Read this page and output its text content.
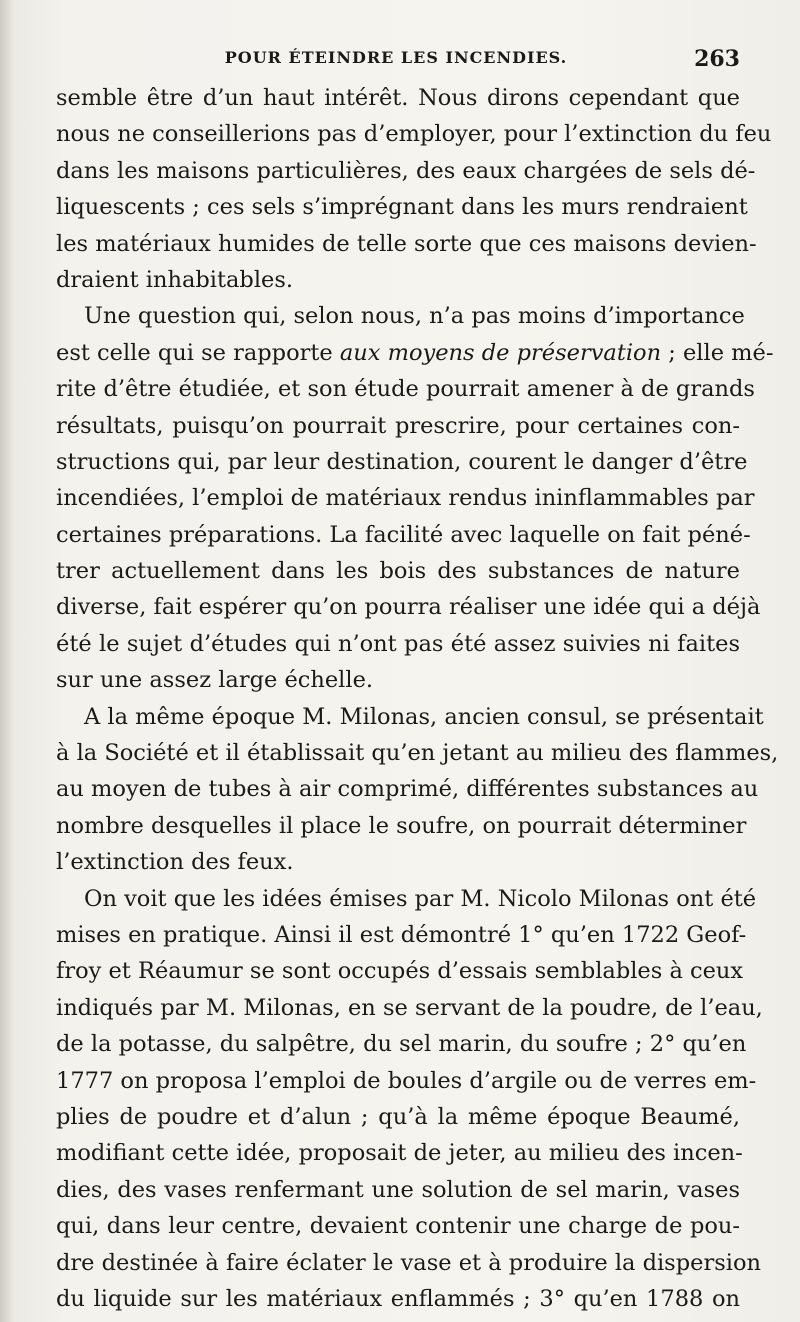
POUR ÉTEINDRE LES INCENDIES.	263
semble être d’un haut intérêt. Nous dirons cependant que
nous ne conseillerions pas d’employer, pour l’extinction du feu
dans les maisons particulières, des eaux chargées de sels dé-
liquescents ; ces sels s’imprégnant dans les murs rendraient
les matériaux humides de telle sorte que ces maisons devien-
draient inhabitables.
Une question qui, selon nous, n’a pas moins d’importance
est celle qui se rapporte aux moyens de préservation ; elle mé-
rite d’être étudiée, et son étude pourrait amener à de grands
résultats, puisqu’on pourrait prescrire, pour certaines con-
structions qui, par leur destination, courent le danger d’être
incendiées, l’emploi de matériaux rendus ininflammables par
certaines préparations. La facilité avec laquelle on fait péné-
trer actuellement dans les bois des substances de nature
diverse, fait espérer qu’on pourra réaliser une idée qui a déjà
été le sujet d’études qui n’ont pas été assez suivies ni faites
sur une assez large échelle.
A la même époque M. Milonas, ancien consul, se présentait
à la Société et il établissait qu’en jetant au milieu des flammes,
au moyen de tubes à air comprimé, différentes substances au
nombre desquelles il place le soufre, on pourrait déterminer
l’extinction des feux.
On voit que les idées émises par M. Nicolo Milonas ont été
mises en pratique. Ainsi il est démontré 1° qu’en 1722 Geof-
froy et Réaumur se sont occupés d’essais semblables à ceux
indiqués par M. Milonas, en se servant de la poudre, de l’eau,
de la potasse, du salpêtre, du sel marin, du soufre ; 2° qu’en
1777 on proposa l’emploi de boules d’argile ou de verres em-
plies de poudre et d’alun ; qu’à la même époque Beaumé,
modifiant cette idée, proposait de jeter, au milieu des incen-
dies, des vases renfermant une solution de sel marin, vases
qui, dans leur centre, devaient contenir une charge de pou-
dre destinée à faire éclater le vase et à produire la dispersion
du liquide sur les matériaux enflammés ; 3° qu’en 1788 on
